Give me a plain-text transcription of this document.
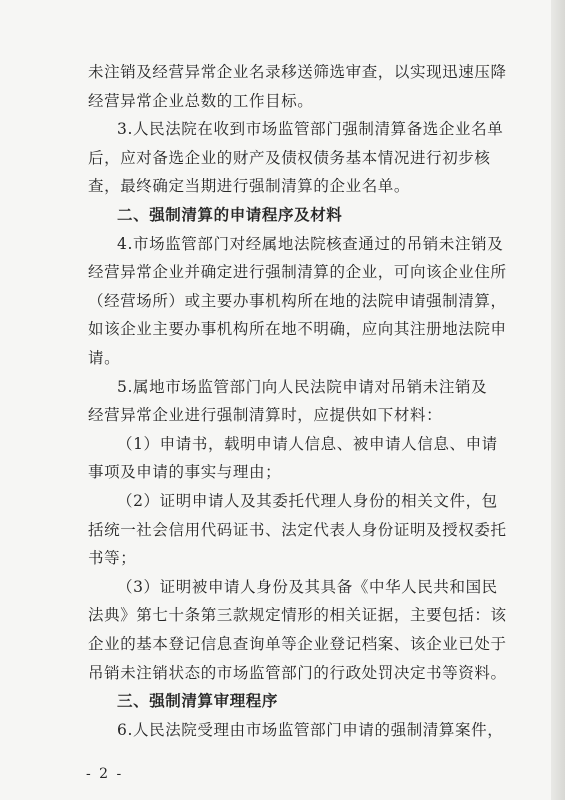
未注销及经营异常企业名录移送筛选审查，以实现迅速压降
经营异常企业总数的工作目标。
3.人民法院在收到市场监管部门强制清算备选企业名单
后，应对备选企业的财产及债权债务基本情况进行初步核
查，最终确定当期进行强制清算的企业名单。
二、强制清算的申请程序及材料
4.市场监管部门对经属地法院核查通过的吊销未注销及
经营异常企业并确定进行强制清算的企业，可向该企业住所
（经营场所）或主要办事机构所在地的法院申请强制清算，
如该企业主要办事机构所在地不明确，应向其注册地法院申
请。
5.属地市场监管部门向人民法院申请对吊销未注销及
经营异常企业进行强制清算时，应提供如下材料：
（1）申请书，载明申请人信息、被申请人信息、申请
事项及申请的事实与理由；
（2）证明申请人及其委托代理人身份的相关文件，包
括统一社会信用代码证书、法定代表人身份证明及授权委托
书等；
（3）证明被申请人身份及其具备《中华人民共和国民
法典》第七十条第三款规定情形的相关证据，主要包括：该
企业的基本登记信息查询单等企业登记档案、该企业已处于
吊销未注销状态的市场监管部门的行政处罚决定书等资料。
三、强制清算审理程序
6.人民法院受理由市场监管部门申请的强制清算案件，
- 2 -
